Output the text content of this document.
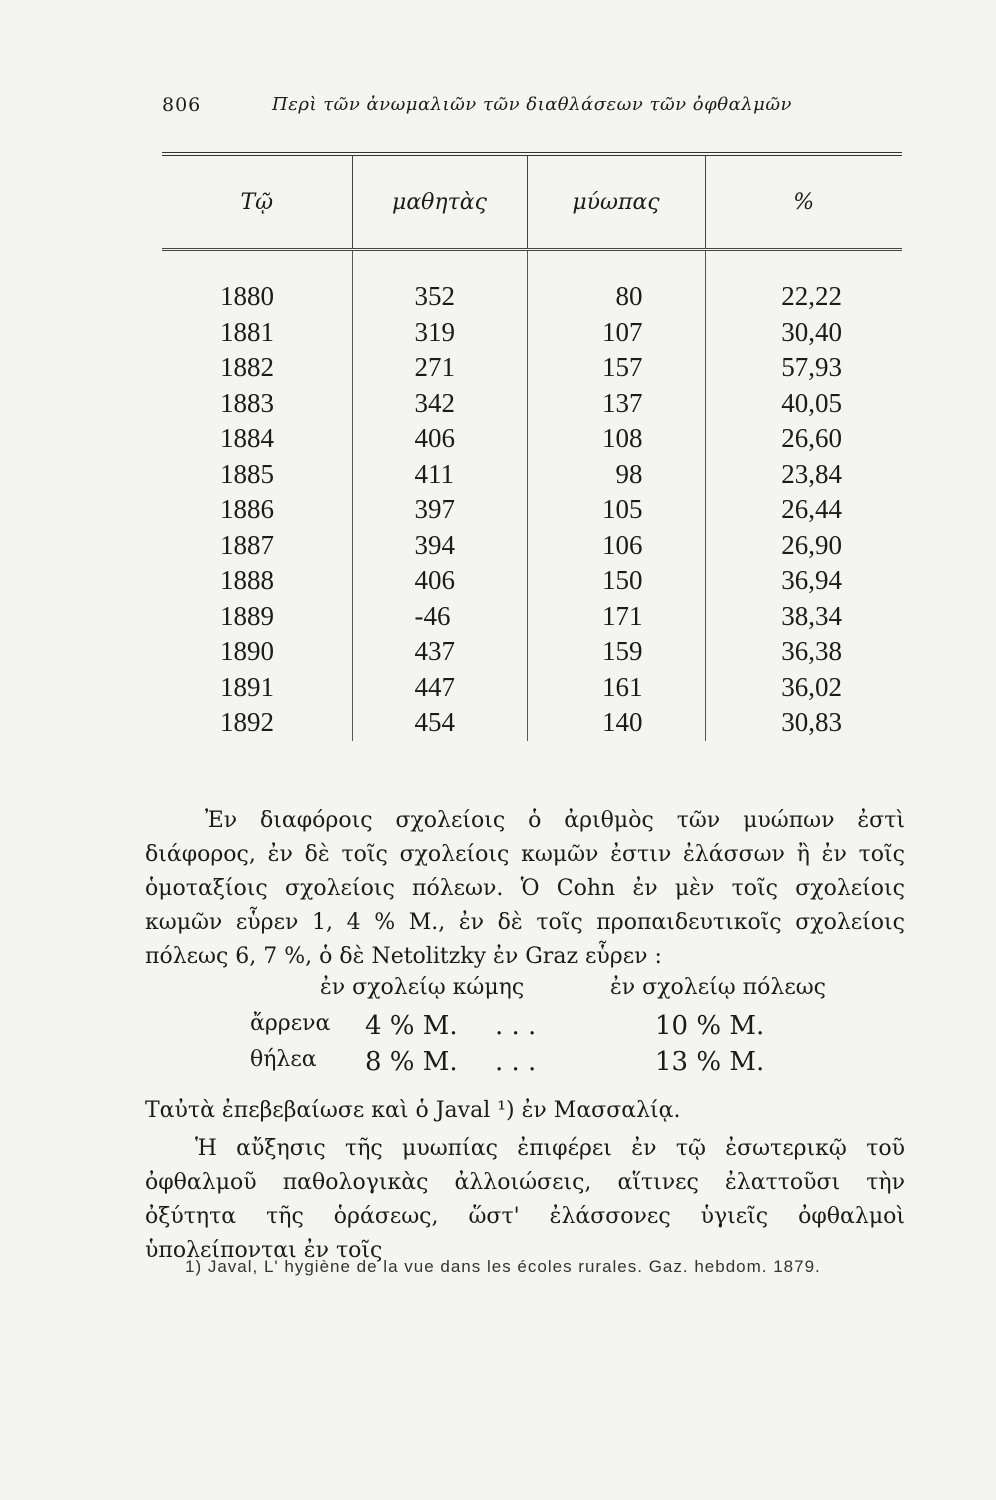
806	Περὶ τῶν ἀνωμαλιῶν τῶν διαθλάσεων τῶν ὀφθαλμῶν
Τῷ	μαθητὰς	μύωπας	%
1880	352	80	22,22
1881	319	107	30,40
1882	271	157	57,93
1883	342	137	40,05
1884	406	108	26,60
1885	411	98	23,84
1886	397	105	26,44
1887	394	106	26,90
1888	406	150	36,94
1889	-46	171	38,34
1890	437	159	36,38
1891	447	161	36,02
1892	454	140	30,83

Ἐν διαφόροις σχολείοις ὁ ἀριθμὸς τῶν μυώπων ἐστὶ διάφορος, ἐν δὲ τοῖς σχολείοις κωμῶν ἐστιν ἐλάσσων ἢ ἐν τοῖς ὁμοταξίοις σχολείοις πόλεων. Ὁ Cohn ἐν μὲν τοῖς σχολείοις κωμῶν εὗρεν 1, 4 % M., ἐν δὲ τοῖς προπαιδευτικοῖς σχολείοις πόλεως 6, 7 %, ὁ δὲ Netolitzky ἐν Graz εὗρεν :

ἐν σχολείῳ κώμης	ἐν σχολείῳ πόλεως
ἄρρενα 4 % M. . . .	10 % M.
θήλεα 8 % M. . . .	13 % M.

Ταὐτὰ ἐπεβεβαίωσε καὶ ὁ Javal ¹) ἐν Μασσαλίᾳ.

Ἡ αὔξησις τῆς μυωπίας ἐπιφέρει ἐν τῷ ἐσωτερικῷ τοῦ ὀφθαλμοῦ παθολογικὰς ἀλλοιώσεις, αἵτινες ἐλαττοῦσι τὴν ὀξύτητα τῆς ὁράσεως, ὥστ' ἐλάσσονες ὑγιεῖς ὀφθαλμοὶ ὑπολείπονται ἐν τοῖς

1) Javal, L' hygiène de la vue dans les écoles rurales. Gaz. hebdom. 1879.
